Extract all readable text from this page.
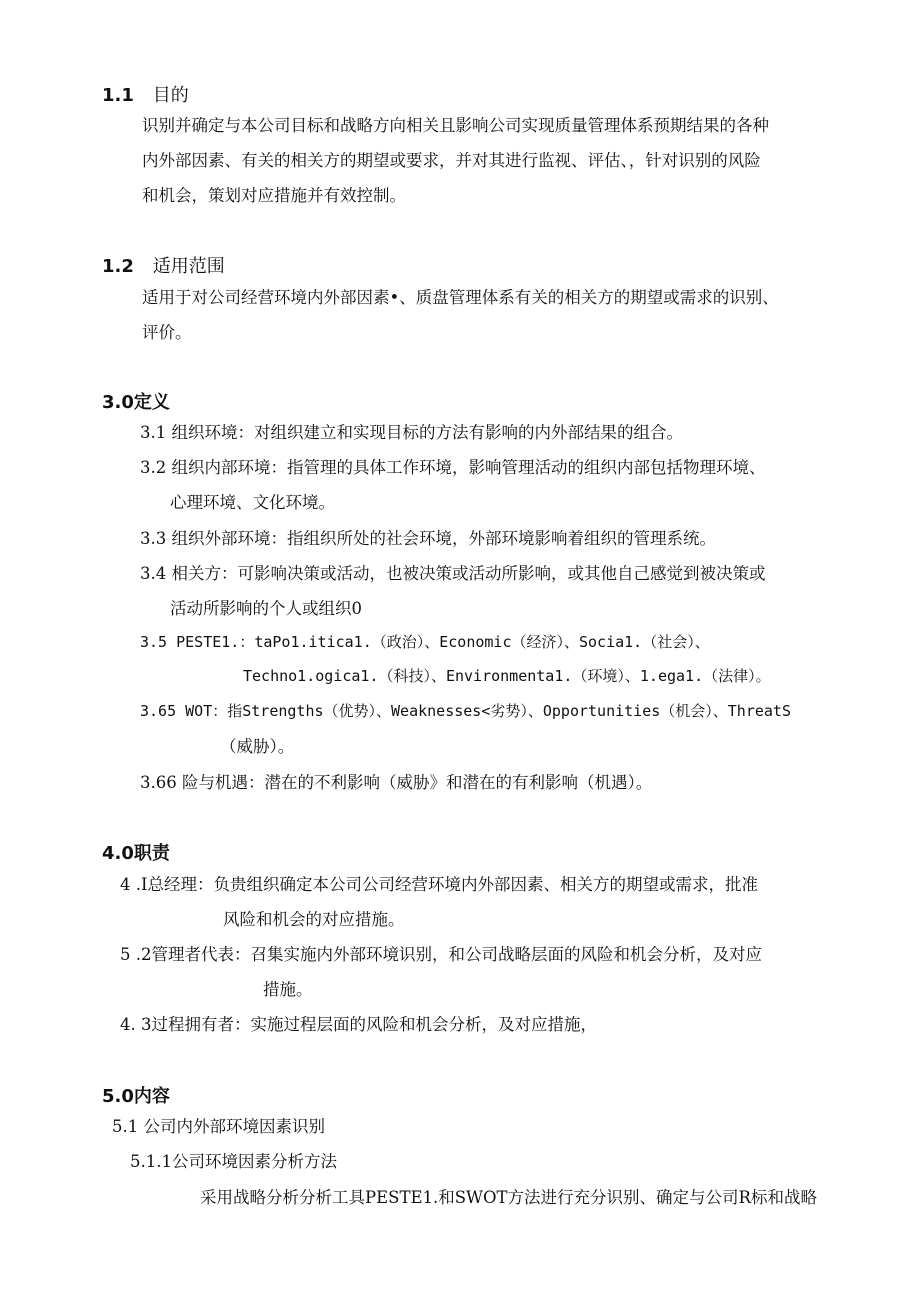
1.1 目的
识别并确定与本公司目标和战略方向相关且影响公司实现质量管理体系预期结果的各种
内外部因素、有关的相关方的期望或要求，并对其进行监视、评估、，针对识别的风险
和机会，策划对应措施并有效控制。
1.2 适用范围
适用于对公司经营环境内外部因素•、质盘管理体系有关的相关方的期望或需求的识别、
评价。
3.0定义
3.1 组织环境：对组织建立和实现目标的方法有影响的内外部结果的组合。
3.2 组织内部环境：指管理的具体工作环境，影响管理活动的组织内部包括物理环境、
心理环境、文化环境。
3.3 组织外部环境：指组织所处的社会环境，外部环境影响着组织的管理系统。
3.4 相关方：可影响决策或活动，也被决策或活动所影响，或其他自己感觉到被决策或
活动所影响的个人或组织0
3.5 PESTE1.：taPo1.itica1.（政治）、Economic（经济）、Socia1.（社会）、
Techno1.ogica1.（科技）、Environmenta1.（环境）、1.ega1.（法律）。
3.65 WOT：指Strengths（优势）、Weaknesses<劣势）、Opportunities（机会）、ThreatS
（威胁）。
3.66 险与机遇：潜在的不利影响（威胁》和潜在的有利影响（机遇）。
4.0职责
4 .I总经理：负贵组织确定本公司公司经营环境内外部因素、相关方的期望或需求，批准
风险和机会的对应措施。
5 .2管理者代表：召集实施内外部环境识别，和公司战略层面的风险和机会分析，及对应
措施。
4. 3过程拥有者：实施过程层面的风险和机会分析，及对应措施，
5.0内容
5.1 公司内外部环境因素识别
5.1.1公司环境因素分析方法
采用战略分析分析工具PESTE1.和SWOT方法进行充分识别、确定与公司R标和战略
